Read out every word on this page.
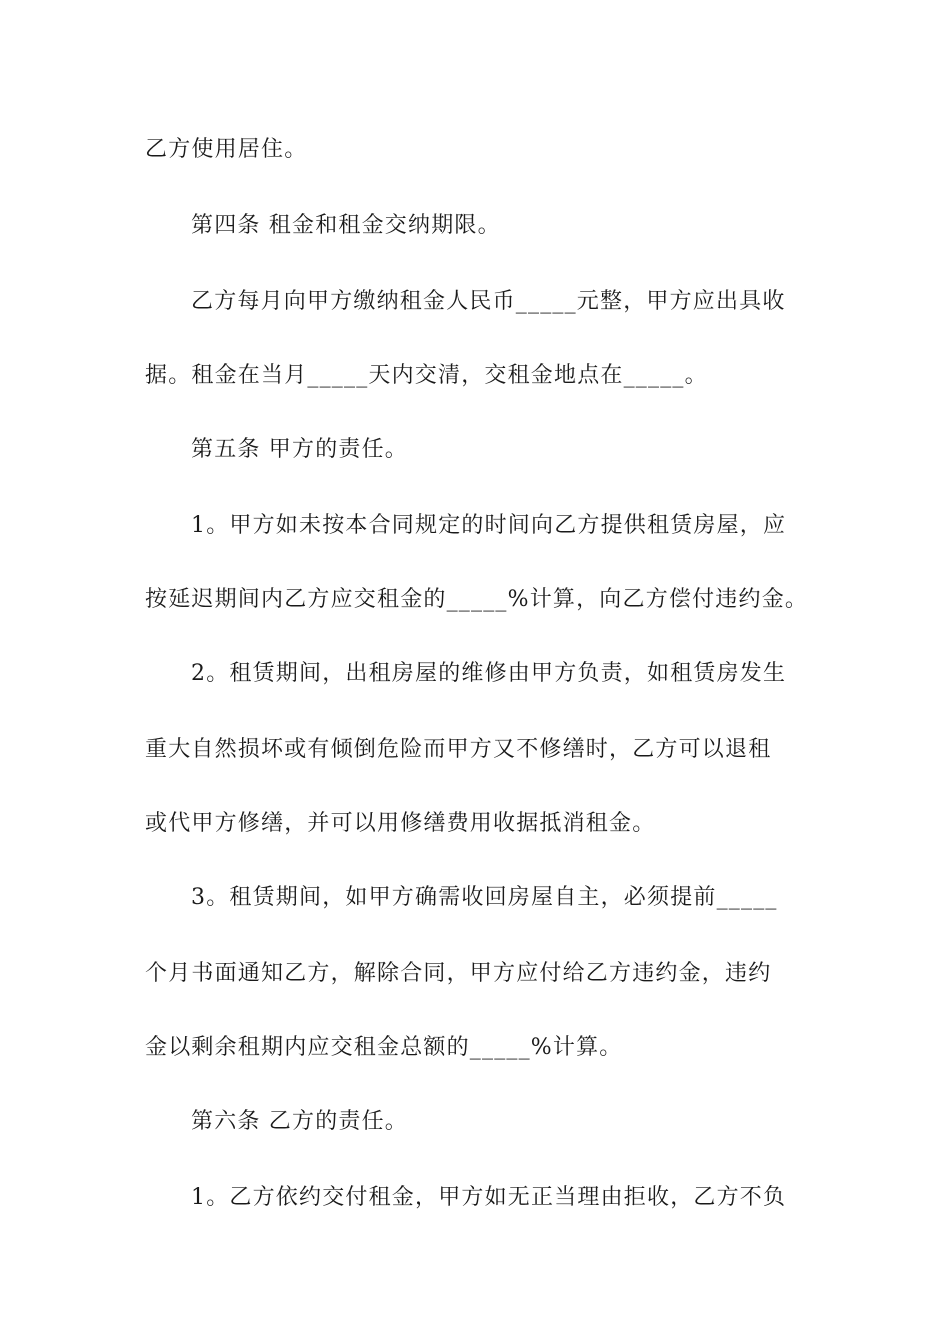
乙方使用居住。
第四条 租金和租金交纳期限。
乙方每月向甲方缴纳租金人民币_____元整，甲方应出具收
据。租金在当月_____天内交清，交租金地点在_____。
第五条 甲方的责任。
1。甲方如未按本合同规定的时间向乙方提供租赁房屋，应
按延迟期间内乙方应交租金的_____%计算，向乙方偿付违约金。
2。租赁期间，出租房屋的维修由甲方负责，如租赁房发生
重大自然损坏或有倾倒危险而甲方又不修缮时，乙方可以退租
或代甲方修缮，并可以用修缮费用收据抵消租金。
3。租赁期间，如甲方确需收回房屋自主，必须提前_____
个月书面通知乙方，解除合同，甲方应付给乙方违约金，违约
金以剩余租期内应交租金总额的_____%计算。
第六条 乙方的责任。
1。乙方依约交付租金，甲方如无正当理由拒收，乙方不负
